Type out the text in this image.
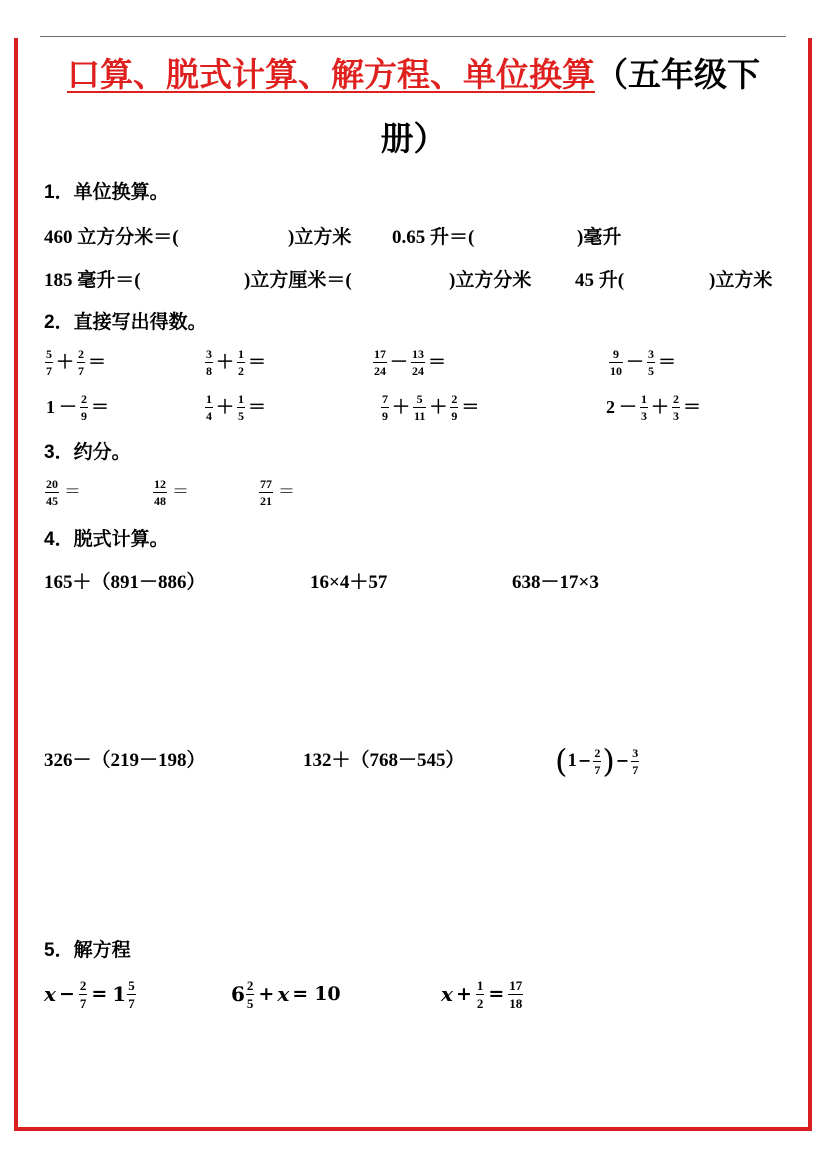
口算、脱式计算、解方程、单位换算（五年级下
册）
1．单位换算。
460 立方分米＝(	)立方米 0.65 升＝(	)毫升
185 毫升＝(	)立方厘米＝(	)立方分米 45 升(	)立方米
2．直接写出得数。
$\frac{5}{7} + \frac{2}{7}$ ＝	$\frac{3}{8} + \frac{1}{2}$ ＝	$\frac{17}{24} - \frac{13}{24}$ ＝	$\frac{9}{10} - \frac{3}{5}$ ＝
$1 - \frac{2}{9}$ ＝	$\frac{1}{4} + \frac{1}{5}$ ＝	$\frac{7}{9} + \frac{5}{11} + \frac{2}{9}$ ＝	$2 - \frac{1}{3} + \frac{2}{3}$ ＝
3．约分。
$\frac{20}{45}$ ＝	$\frac{12}{48}$ ＝	$\frac{77}{21}$ ＝
4．脱式计算。
165＋（891－886）	16×4＋57	638－17×3
326－（219－198）	132＋（768－545）	( $1 - \frac{2}{7}$ ) − $\frac{3}{7}$
5．解方程
$x - \frac{2}{7} = 1 \frac{5}{7}$	$6 \frac{2}{5} + x = 10$	$x + \frac{1}{2} = \frac{17}{18}$
